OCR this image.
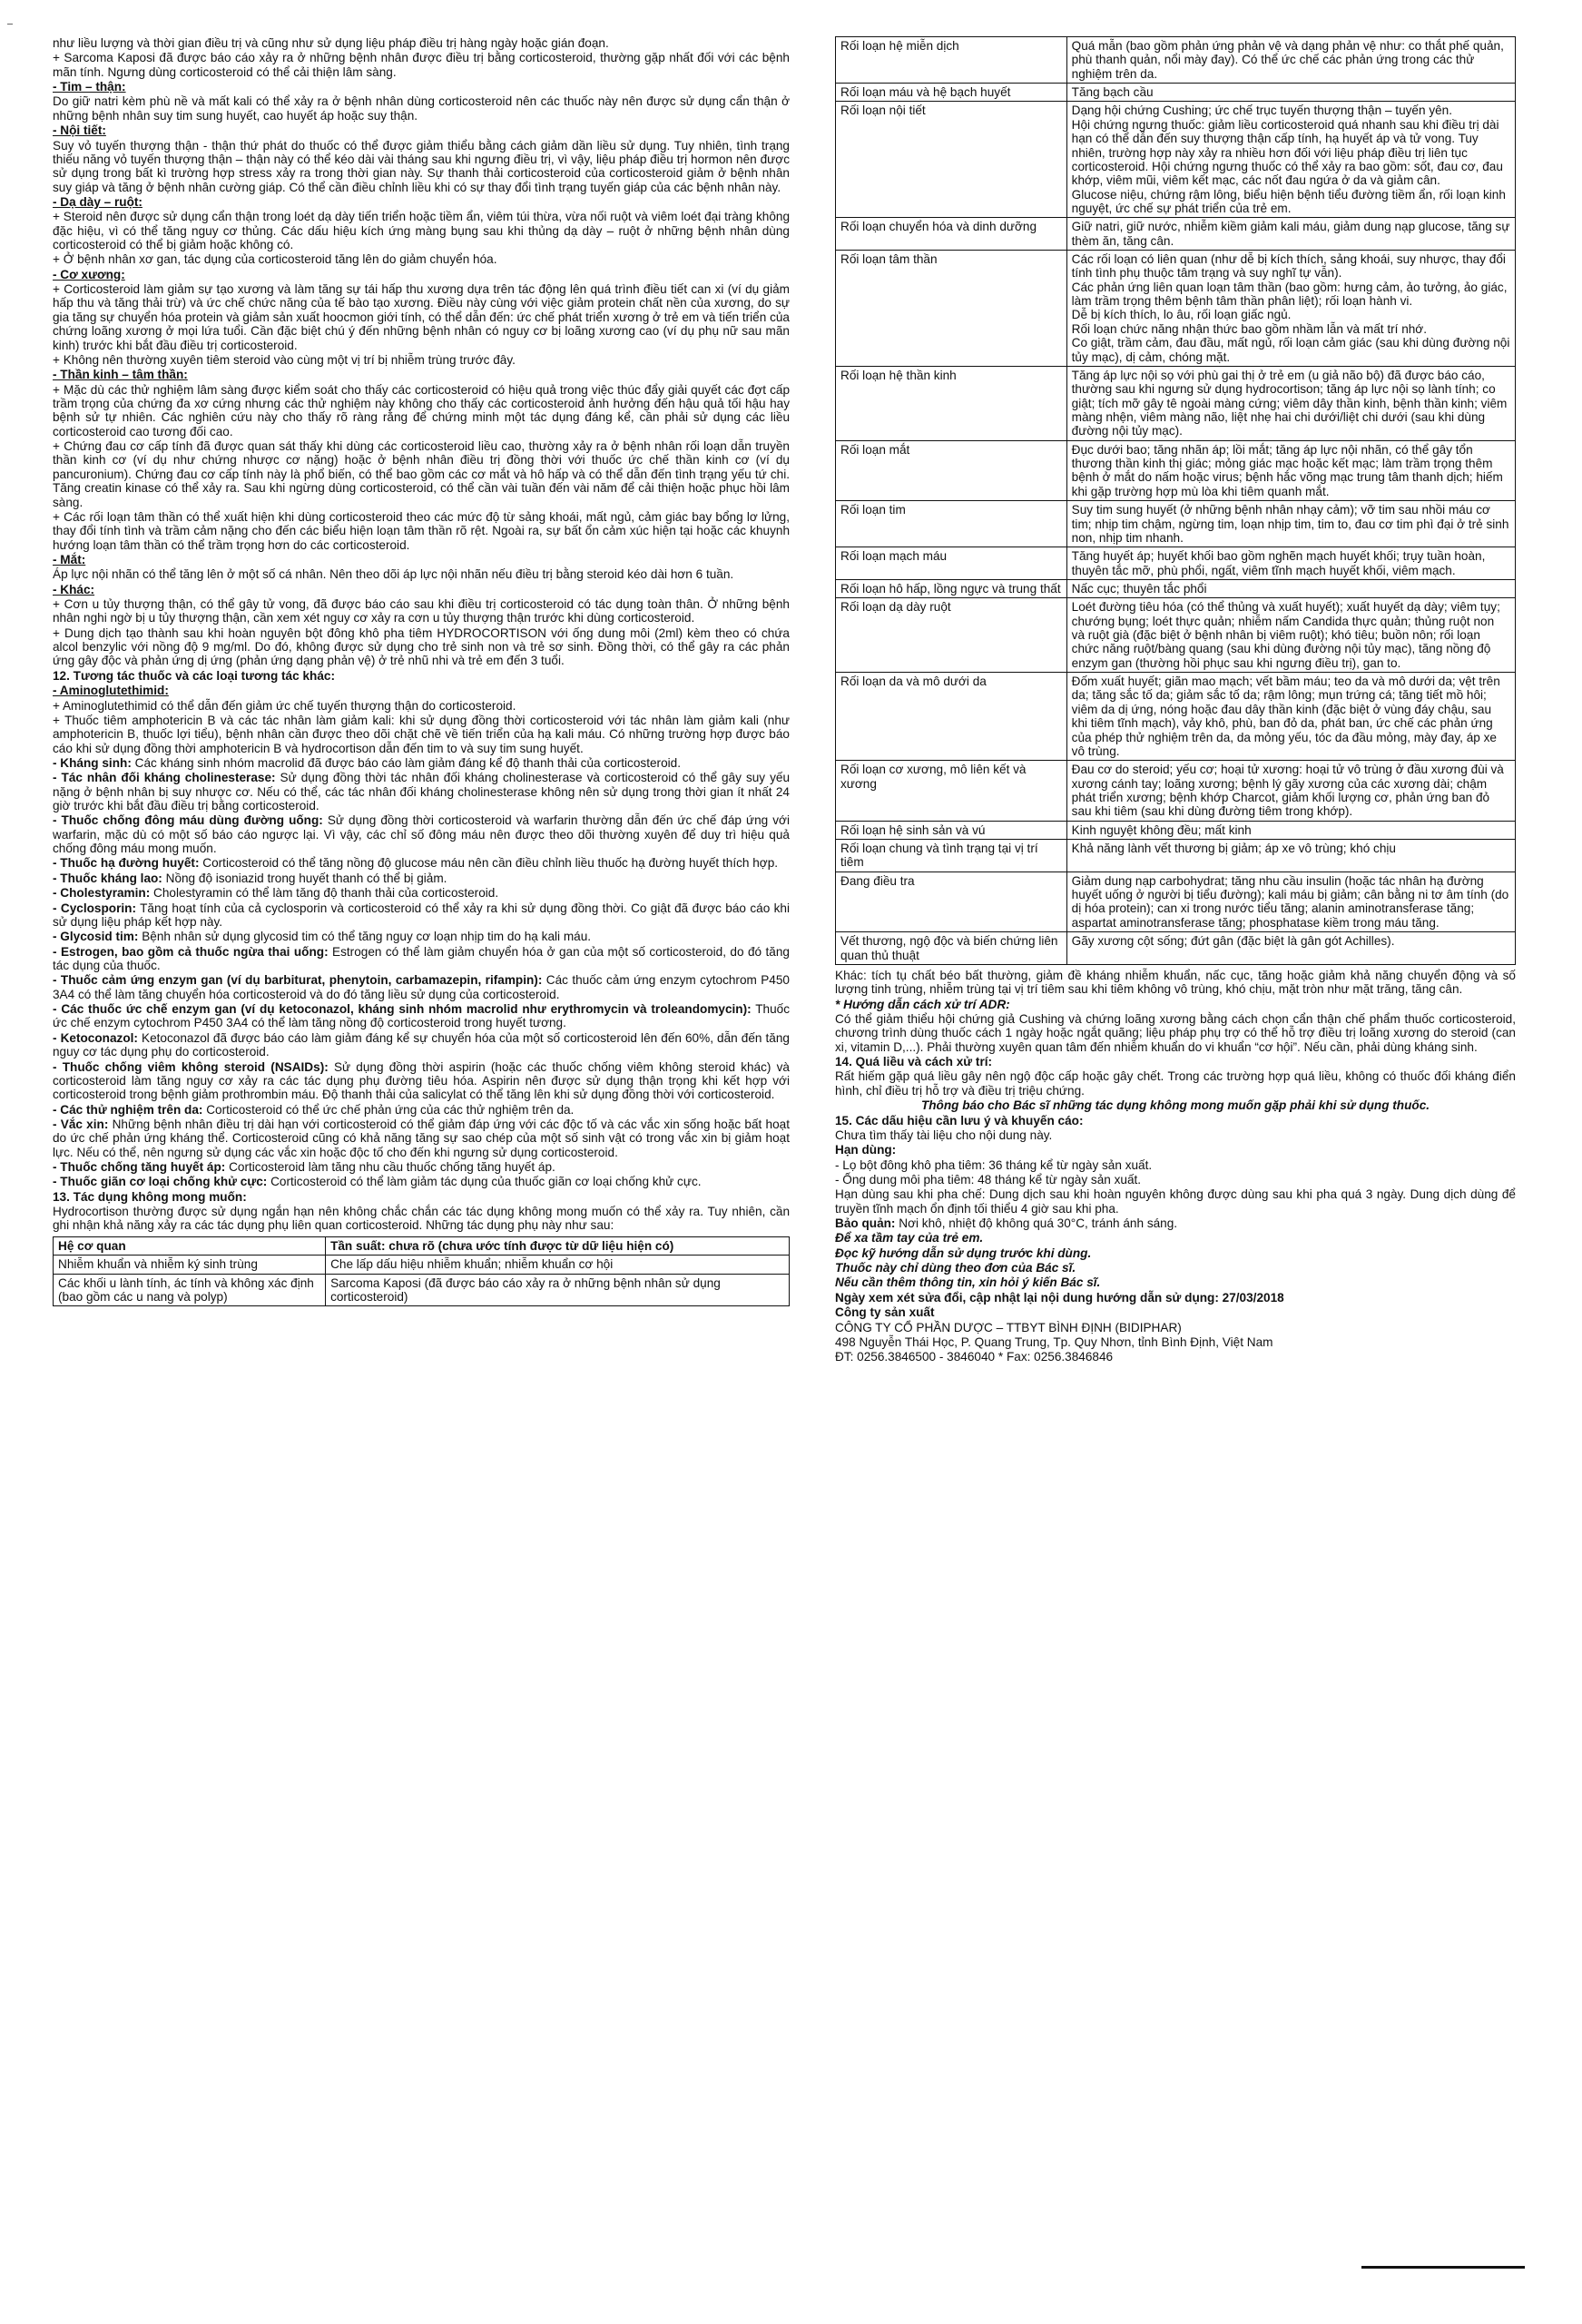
như liều lượng và thời gian điều trị và cũng như sử dụng liệu pháp điều trị hàng ngày hoặc gián đoạn.
+ Sarcoma Kaposi đã được báo cáo xảy ra ở những bệnh nhân được điều trị bằng corticosteroid, thường gặp nhất đối với các bệnh mãn tính. Ngưng dùng corticosteroid có thể cải thiện lâm sàng.
- Tim – thận:
Do giữ natri kèm phù nề và mất kali có thể xảy ra ở bệnh nhân dùng corticosteroid nên các thuốc này nên được sử dụng cẩn thận ở những bệnh nhân suy tim sung huyết, cao huyết áp hoặc suy thận.
- Nội tiết:
Suy vỏ tuyến thượng thận - thận thứ phát do thuốc có thể được giảm thiểu bằng cách giảm dần liều sử dụng. Tuy nhiên, tình trạng thiếu năng vỏ tuyến thượng thận – thận này có thể kéo dài vài tháng sau khi ngưng điều trị, vì vậy, liệu pháp điều trị hormon nên được sử dụng trong bất kì trường hợp stress xảy ra trong thời gian này. Sự thanh thải corticosteroid của corticosteroid giảm ở bệnh nhân suy giáp và tăng ở bệnh nhân cường giáp. Có thể cần điều chỉnh liều khi có sự thay đổi tình trạng tuyến giáp của các bệnh nhân này.
- Dạ dày – ruột:
+ Steroid nên được sử dụng cẩn thận trong loét dạ dày tiến triển hoặc tiềm ẩn, viêm túi thừa, vừa nối ruột và viêm loét đại tràng không đặc hiệu, vì có thể tăng nguy cơ thủng. Các dấu hiệu kích ứng màng bụng sau khi thủng dạ dày – ruột ở những bệnh nhân dùng corticosteroid có thể bị giảm hoặc không có.
+ Ở bệnh nhân xơ gan, tác dụng của corticosteroid tăng lên do giảm chuyển hóa.
- Cơ xương:
+ Corticosteroid làm giảm sự tạo xương và làm tăng sự tái hấp thu xương dựa trên tác động lên quá trình điều tiết can xi (ví dụ giảm hấp thu và tăng thải trừ) và ức chế chức năng của tế bào tạo xương. Điều này cùng với việc giảm protein chất nền của xương, do sự gia tăng sự chuyển hóa protein và giảm sản xuất hoocmon giới tính, có thể dẫn đến: ức chế phát triển xương ở trẻ em và tiến triển của chứng loãng xương ở mọi lứa tuổi. Cần đặc biệt chú ý đến những bệnh nhân có nguy cơ bị loãng xương cao (ví dụ phụ nữ sau mãn kinh) trước khi bắt đầu điều trị corticosteroid.
+ Không nên thường xuyên tiêm steroid vào cùng một vị trí bị nhiễm trùng trước đây.
- Thần kinh – tâm thần:
+ Mặc dù các thử nghiệm lâm sàng được kiểm soát cho thấy các corticosteroid có hiệu quả trong việc thúc đẩy giải quyết các đợt cấp trầm trọng của chứng đa xơ cứng nhưng các thử nghiệm này không cho thấy các corticosteroid ảnh hưởng đến hậu quả tối hậu hay bệnh sử tự nhiên. Các nghiên cứu này cho thấy rõ ràng rằng để chứng minh một tác dụng đáng kể, cần phải sử dụng các liều corticosteroid cao tương đối cao.
+ Chứng đau cơ cấp tính đã được quan sát thấy khi dùng các corticosteroid liều cao, thường xảy ra ở bệnh nhân rối loạn dẫn truyền thần kinh cơ (ví dụ như chứng nhược cơ nặng) hoặc ở bệnh nhân điều trị đồng thời với thuốc ức chế thần kinh cơ (ví dụ pancuronium). Chứng đau cơ cấp tính này là phổ biến, có thể bao gồm các cơ mắt và hô hấp và có thể dẫn đến tình trạng yếu tứ chi. Tăng creatin kinase có thể xảy ra. Sau khi ngừng dùng corticosteroid, có thể cần vài tuần đến vài năm để cải thiện hoặc phục hồi lâm sàng.
+ Các rối loạn tâm thần có thể xuất hiện khi dùng corticosteroid theo các mức độ từ sảng khoái, mất ngủ, cảm giác bay bổng lơ lửng, thay đổi tính tình và trầm cảm nặng cho đến các biểu hiện loạn tâm thần rõ rệt. Ngoài ra, sự bất ổn cảm xúc hiện tại hoặc các khuynh hướng loạn tâm thần có thể trầm trọng hơn do các corticosteroid.
- Mắt:
Áp lực nội nhãn có thể tăng lên ở một số cá nhân. Nên theo dõi áp lực nội nhãn nếu điều trị bằng steroid kéo dài hơn 6 tuần.
- Khác:
+ Cơn u tủy thượng thận, có thể gây tử vong, đã được báo cáo sau khi điều trị corticosteroid có tác dụng toàn thân. Ở những bệnh nhân nghi ngờ bị u tủy thượng thận, cần xem xét nguy cơ xảy ra cơn u tủy thượng thận trước khi dùng corticosteroid.
+ Dung dịch tạo thành sau khi hoàn nguyên bột đông khô pha tiêm HYDROCORTISON với ống dung môi (2ml) kèm theo có chứa alcol benzylic với nồng độ 9 mg/ml. Do đó, không được sử dụng cho trẻ sinh non và trẻ sơ sinh. Đồng thời, có thể gây ra các phản ứng gây độc và phản ứng dị ứng (phản ứng dạng phản vệ) ở trẻ nhũ nhi và trẻ em đến 3 tuổi.
12. Tương tác thuốc và các loại tương tác khác:
- Aminoglutethimid:
+ Aminoglutethimid có thể dẫn đến giảm ức chế tuyến thượng thận do corticosteroid.
+ Thuốc tiêm amphotericin B và các tác nhân làm giảm kali: khi sử dụng đồng thời corticosteroid với tác nhân làm giảm kali (như amphotericin B, thuốc lợi tiểu), bệnh nhân cần được theo dõi chặt chẽ về tiến triển của hạ kali máu. Có những trường hợp được báo cáo khi sử dụng đồng thời amphotericin B và hydrocortison dẫn đến tim to và suy tim sung huyết.
- Kháng sinh: Các kháng sinh nhóm macrolid đã được báo cáo làm giảm đáng kể độ thanh thải của corticosteroid.
- Tác nhân đối kháng cholinesterase: Sử dụng đồng thời tác nhân đối kháng cholinesterase và corticosteroid có thể gây suy yếu nặng ở bệnh nhân bị suy nhược cơ. Nếu có thể, các tác nhân đối kháng cholinesterase không nên sử dụng trong thời gian ít nhất 24 giờ trước khi bắt đầu điều trị bằng corticosteroid.
- Thuốc chống đông máu dùng đường uống: Sử dụng đồng thời corticosteroid và warfarin thường dẫn đến ức chế đáp ứng với warfarin, mặc dù có một số báo cáo ngược lại. Vì vậy, các chỉ số đông máu nên được theo dõi thường xuyên để duy trì hiệu quả chống đông máu mong muốn.
- Thuốc hạ đường huyết: Corticosteroid có thể tăng nồng độ glucose máu nên cần điều chỉnh liều thuốc hạ đường huyết thích hợp.
- Thuốc kháng lao: Nồng độ isoniazid trong huyết thanh có thể bị giảm.
- Cholestyramin: Cholestyramin có thể làm tăng độ thanh thải của corticosteroid.
- Cyclosporin: Tăng hoạt tính của cả cyclosporin và corticosteroid có thể xảy ra khi sử dụng đồng thời. Co giật đã được báo cáo khi sử dụng liệu pháp kết hợp này.
- Glycosid tim: Bệnh nhân sử dụng glycosid tim có thể tăng nguy cơ loạn nhịp tim do hạ kali máu.
- Estrogen, bao gồm cả thuốc ngừa thai uống: Estrogen có thể làm giảm chuyển hóa ở gan của một số corticosteroid, do đó tăng tác dụng của thuốc.
- Thuốc cảm ứng enzym gan (ví dụ barbiturat, phenytoin, carbamazepin, rifampin): Các thuốc cảm ứng enzym cytochrom P450 3A4 có thể làm tăng chuyển hóa corticosteroid và do đó tăng liều sử dụng của corticosteroid.
- Các thuốc ức chế enzym gan (ví dụ ketoconazol, kháng sinh nhóm macrolid như erythromycin và troleandomycin): Thuốc ức chế enzym cytochrom P450 3A4 có thể làm tăng nồng độ corticosteroid trong huyết tương.
- Ketoconazol: Ketoconazol đã được báo cáo làm giảm đáng kể sự chuyển hóa của một số corticosteroid lên đến 60%, dẫn đến tăng nguy cơ tác dụng phụ do corticosteroid.
- Thuốc chống viêm không steroid (NSAIDs): Sử dụng đồng thời aspirin (hoặc các thuốc chống viêm không steroid khác) và corticosteroid làm tăng nguy cơ xảy ra các tác dụng phụ đường tiêu hóa. Aspirin nên được sử dụng thận trọng khi kết hợp với corticosteroid trong bệnh giảm prothrombin máu. Độ thanh thải của salicylat có thể tăng lên khi sử dụng đồng thời với corticosteroid.
- Các thử nghiệm trên da: Corticosteroid có thể ức chế phản ứng của các thử nghiệm trên da.
- Vắc xin: Những bệnh nhân điều trị dài hạn với corticosteroid có thể giảm đáp ứng với các độc tố và các vắc xin sống hoặc bất hoạt do ức chế phản ứng kháng thể. Corticosteroid cũng có khả năng tăng sự sao chép của một số sinh vật có trong vắc xin bị giảm hoạt lực. Nếu có thể, nên ngưng sử dụng các vắc xin hoặc độc tố cho đến khi ngưng sử dụng corticosteroid.
- Thuốc chống tăng huyết áp: Corticosteroid làm tăng nhu cầu thuốc chống tăng huyết áp.
- Thuốc giãn cơ loại chống khử cực: Corticosteroid có thể làm giảm tác dụng của thuốc giãn cơ loại chống khử cực.
13. Tác dụng không mong muốn:
Hydrocortison thường được sử dụng ngắn hạn nên không chắc chắn các tác dụng không mong muốn có thể xảy ra. Tuy nhiên, cần ghi nhận khả năng xảy ra các tác dụng phụ liên quan corticosteroid. Những tác dụng phụ này như sau:
Hệ cơ quan	Tần suất: chưa rõ (chưa ước tính được từ dữ liệu hiện có)
Nhiễm khuẩn và nhiễm ký sinh trùng	Che lấp dấu hiệu nhiễm khuẩn; nhiễm khuẩn cơ hội
Các khối u lành tính, ác tính và không xác định (bao gồm các u nang và polyp)	Sarcoma Kaposi (đã được báo cáo xảy ra ở những bệnh nhân sử dụng corticosteroid)
Rối loạn hệ miễn dịch	Quá mẫn (bao gồm phản ứng phản vệ và dạng phản vệ như: co thắt phế quản, phù thanh quản, nổi mày đay). Có thể ức chế các phản ứng trong các thử nghiệm trên da.
Rối loạn máu và hệ bạch huyết	Tăng bạch cầu
Rối loạn nội tiết	Dạng hội chứng Cushing; ức chế trục tuyến thượng thận – tuyến yên.
Hội chứng ngưng thuốc: giảm liều corticosteroid quá nhanh sau khi điều trị dài hạn có thể dẫn đến suy thượng thận cấp tính, hạ huyết áp và tử vong. Tuy nhiên, trường hợp này xảy ra nhiều hơn đối với liệu pháp điều trị liên tục corticosteroid. Hội chứng ngưng thuốc có thể xảy ra bao gồm: sốt, đau cơ, đau khớp, viêm mũi, viêm kết mạc, các nốt đau ngứa ở da và giảm cân.
Glucose niệu, chứng rậm lông, biểu hiện bệnh tiểu đường tiềm ẩn, rối loạn kinh nguyệt, ức chế sự phát triển của trẻ em.
Rối loạn chuyển hóa và dinh dưỡng	Giữ natri, giữ nước, nhiễm kiềm giảm kali máu, giảm dung nạp glucose, tăng sự thèm ăn, tăng cân.
Rối loạn tâm thần	Các rối loạn có liên quan (như dễ bị kích thích, sảng khoái, suy nhược, thay đổi tính tình phụ thuộc tâm trạng và suy nghĩ tự vẫn).
Các phản ứng liên quan loạn tâm thần (bao gồm: hưng cảm, ảo tưởng, ảo giác, làm trầm trọng thêm bệnh tâm thần phân liệt); rối loạn hành vi.
Dễ bị kích thích, lo âu, rối loạn giấc ngủ.
Rối loạn chức năng nhận thức bao gồm nhầm lẫn và mất trí nhớ.
Co giật, trầm cảm, đau đầu, mất ngủ, rối loạn cảm giác (sau khi dùng đường nội tủy mạc), dị cảm, chóng mặt.
Rối loạn hệ thần kinh	Tăng áp lực nội sọ với phù gai thị ở trẻ em (u giả não bộ) đã được báo cáo, thường sau khi ngưng sử dụng hydrocortison; tăng áp lực nội sọ lành tính; co giật; tích mỡ gây tê ngoài màng cứng; viêm dây thần kinh, bệnh thần kinh; viêm màng nhện, viêm màng não, liệt nhẹ hai chi dưới/liệt chi dưới (sau khi dùng đường nội tủy mạc).
Rối loạn mắt	Đục dưới bao; tăng nhãn áp; lồi mắt; tăng áp lực nội nhãn, có thể gây tổn thương thần kinh thị giác; mỏng giác mạc hoặc kết mạc; làm trầm trọng thêm bệnh ở mắt do nấm hoặc virus; bệnh hắc võng mạc trung tâm thanh dịch; hiếm khi gặp trường hợp mù lòa khi tiêm quanh mắt.
Rối loạn tim	Suy tim sung huyết (ở những bệnh nhân nhạy cảm); vỡ tim sau nhồi máu cơ tim; nhịp tim chậm, ngừng tim, loạn nhịp tim, tim to, đau cơ tim phì đại ở trẻ sinh non, nhịp tim nhanh.
Rối loạn mạch máu	Tăng huyết áp; huyết khối bao gồm nghẽn mạch huyết khối; trụy tuần hoàn, thuyên tắc mỡ, phù phổi, ngất, viêm tĩnh mạch huyết khối, viêm mạch.
Rối loạn hô hấp, lồng ngực và trung thất	Nấc cục; thuyên tắc phổi
Rối loạn dạ dày ruột	Loét đường tiêu hóa (có thể thủng và xuất huyết); xuất huyết dạ dày; viêm tụy; chướng bụng; loét thực quản; nhiễm nấm Candida thực quản; thủng ruột non và ruột già (đặc biệt ở bệnh nhân bị viêm ruột); khó tiêu; buồn nôn; rối loạn chức năng ruột/bàng quang (sau khi dùng đường nội tủy mạc), tăng nồng độ enzym gan (thường hồi phục sau khi ngưng điều trị), gan to.
Rối loạn da và mô dưới da	Đốm xuất huyết; giãn mao mạch; vết bầm máu; teo da và mô dưới da; vệt trên da; tăng sắc tố da; giảm sắc tố da; rậm lông; mụn trứng cá; tăng tiết mồ hôi; viêm da dị ứng, nóng hoặc đau dây thần kinh (đặc biệt ở vùng đáy chậu, sau khi tiêm tĩnh mạch), vảy khô, phù, ban đỏ da, phát ban, ức chế các phản ứng của phép thử nghiệm trên da, da mỏng yếu, tóc da đầu mỏng, mày đay, áp xe vô trùng.
Rối loạn cơ xương, mô liên kết và xương	Đau cơ do steroid; yếu cơ; hoại tử xương: hoại tử vô trùng ở đầu xương đùi và xương cánh tay; loãng xương; bệnh lý gãy xương của các xương dài; chậm phát triển xương; bệnh khớp Charcot, giảm khối lượng cơ, phản ứng ban đỏ sau khi tiêm (sau khi dùng đường tiêm trong khớp).
Rối loạn hệ sinh sản và vú	Kinh nguyệt không đều; mất kinh
Rối loạn chung và tình trạng tại vị trí tiêm	Khả năng lành vết thương bị giảm; áp xe vô trùng; khó chịu
Đang điều tra	Giảm dung nạp carbohydrat; tăng nhu cầu insulin (hoặc tác nhân hạ đường huyết uống ở người bị tiểu đường); kali máu bị giảm; cân bằng ni tơ âm tính (do dị hóa protein); can xi trong nước tiểu tăng; alanin aminotransferase tăng; aspartat aminotransferase tăng; phosphatase kiềm trong máu tăng.
Vết thương, ngộ độc và biến chứng liên quan thủ thuật	Gãy xương cột sống; đứt gân (đặc biệt là gân gót Achilles).
Khác: tích tụ chất béo bất thường, giảm đề kháng nhiễm khuẩn, nấc cục, tăng hoặc giảm khả năng chuyển động và số lượng tinh trùng, nhiễm trùng tại vị trí tiêm sau khi tiêm không vô trùng, khó chịu, mặt tròn như mặt trăng, tăng cân.
* Hướng dẫn cách xử trí ADR:
Có thể giảm thiểu hội chứng giả Cushing và chứng loãng xương bằng cách chọn cẩn thận chế phẩm thuốc corticosteroid, chương trình dùng thuốc cách 1 ngày hoặc ngắt quãng; liệu pháp phụ trợ có thể hỗ trợ điều trị loãng xương do steroid (can xi, vitamin D,...). Phải thường xuyên quan tâm đến nhiễm khuẩn do vi khuẩn “cơ hội”. Nếu cần, phải dùng kháng sinh.
14. Quá liều và cách xử trí:
Rất hiếm gặp quá liều gây nên ngộ độc cấp hoặc gây chết. Trong các trường hợp quá liều, không có thuốc đối kháng điển hình, chỉ điều trị hỗ trợ và điều trị triệu chứng.
Thông báo cho Bác sĩ những tác dụng không mong muốn gặp phải khi sử dụng thuốc.
15. Các dấu hiệu cần lưu ý và khuyến cáo:
Chưa tìm thấy tài liệu cho nội dung này.
Hạn dùng:
- Lọ bột đông khô pha tiêm: 36 tháng kể từ ngày sản xuất.
- Ống dung môi pha tiêm: 48 tháng kể từ ngày sản xuất.
Hạn dùng sau khi pha chế: Dung dịch sau khi hoàn nguyên không được dùng sau khi pha quá 3 ngày. Dung dịch dùng để truyền tĩnh mạch ổn định tối thiểu 4 giờ sau khi pha.
Bảo quản: Nơi khô, nhiệt độ không quá 30°C, tránh ánh sáng.
Để xa tầm tay của trẻ em.
Đọc kỹ hướng dẫn sử dụng trước khi dùng.
Thuốc này chỉ dùng theo đơn của Bác sĩ.
Nếu cần thêm thông tin, xin hỏi ý kiến Bác sĩ.
Ngày xem xét sửa đổi, cập nhật lại nội dung hướng dẫn sử dụng: 27/03/2018
Công ty sản xuất
CÔNG TY CỔ PHẦN DƯỢC – TTBYT BÌNH ĐỊNH (BIDIPHAR)
498 Nguyễn Thái Học, P. Quang Trung, Tp. Quy Nhơn, tỉnh Bình Định, Việt Nam
ĐT: 0256.3846500 - 3846040 * Fax: 0256.3846846
